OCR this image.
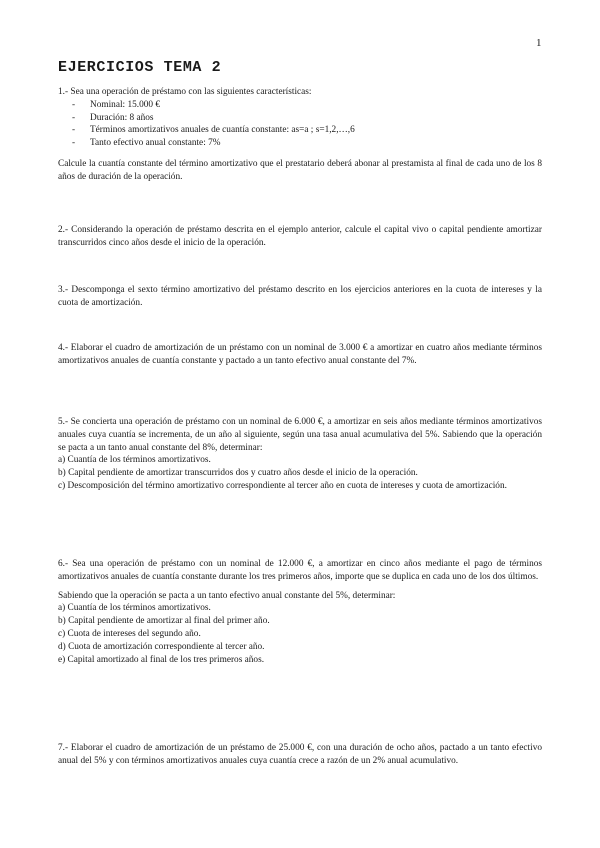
1
EJERCICIOS TEMA 2

1.- Sea una operación de préstamo con las siguientes características:

- Nominal: 15.000 €
- Duración: 8 años
- Términos amortizativos anuales de cuantía constante: as=a ; s=1,2,…,6
- Tanto efectivo anual constante: 7%

Calcule la cuantía constante del término amortizativo que el prestatario deberá abonar al prestamista al final de cada uno de los 8 años de duración de la operación.

2.- Considerando la operación de préstamo descrita en el ejemplo anterior, calcule el capital vivo o capital pendiente amortizar transcurridos cinco años desde el inicio de la operación.

3.- Descomponga el sexto término amortizativo del préstamo descrito en los ejercicios anteriores en la cuota de intereses y la cuota de amortización.

4.- Elaborar el cuadro de amortización de un préstamo con un nominal de 3.000 € a amortizar en cuatro años mediante términos amortizativos anuales de cuantía constante y pactado a un tanto efectivo anual constante del 7%.

5.- Se concierta una operación de préstamo con un nominal de 6.000 €, a amortizar en seis años mediante términos amortizativos anuales cuya cuantía se incrementa, de un año al siguiente, según una tasa anual acumulativa del 5%. Sabiendo que la operación se pacta a un tanto anual constante del 8%, determinar:

a) Cuantía de los términos amortizativos.

b) Capital pendiente de amortizar transcurridos dos y cuatro años desde el inicio de la operación.

c) Descomposición del término amortizativo correspondiente al tercer año en cuota de intereses y cuota de amortización.

6.- Sea una operación de préstamo con un nominal de 12.000 €, a amortizar en cinco años mediante el pago de términos amortizativos anuales de cuantía constante durante los tres primeros años, importe que se duplica en cada uno de los dos últimos.

Sabiendo que la operación se pacta a un tanto efectivo anual constante del 5%, determinar:

a) Cuantía de los términos amortizativos.

b) Capital pendiente de amortizar al final del primer año.

c) Cuota de intereses del segundo año.

d) Cuota de amortización correspondiente al tercer año.

e) Capital amortizado al final de los tres primeros años.

7.- Elaborar el cuadro de amortización de un préstamo de 25.000 €, con una duración de ocho años, pactado a un tanto efectivo anual del 5% y con términos amortizativos anuales cuya cuantía crece a razón de un 2% anual acumulativo.
